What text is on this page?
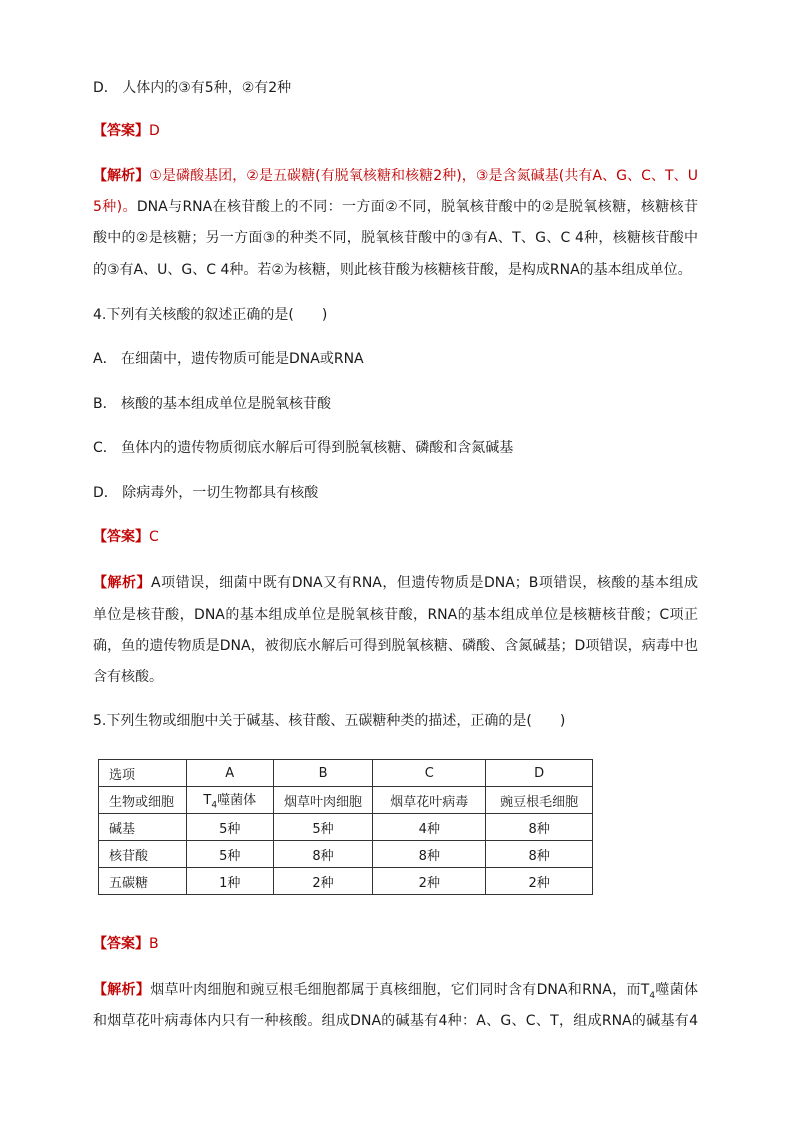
D． 人体内的③有5种，②有2种
【答案】D
【解析】①是磷酸基团，②是五碳糖(有脱氧核糖和核糖2种)，③是含氮碱基(共有A、G、C、T、U
5种)。DNA与RNA在核苷酸上的不同：一方面②不同，脱氧核苷酸中的②是脱氧核糖，核糖核苷
酸中的②是核糖；另一方面③的种类不同，脱氧核苷酸中的③有A、T、G、C 4种，核糖核苷酸中
的③有A、U、G、C 4种。若②为核糖，则此核苷酸为核糖核苷酸，是构成RNA的基本组成单位。
4.下列有关核酸的叙述正确的是(　　)
A． 在细菌中，遗传物质可能是DNA或RNA
B． 核酸的基本组成单位是脱氧核苷酸
C． 鱼体内的遗传物质彻底水解后可得到脱氧核糖、磷酸和含氮碱基
D． 除病毒外，一切生物都具有核酸
【答案】C
【解析】A项错误，细菌中既有DNA又有RNA，但遗传物质是DNA；B项错误，核酸的基本组成
单位是核苷酸，DNA的基本组成单位是脱氧核苷酸，RNA的基本组成单位是核糖核苷酸；C项正
确，鱼的遗传物质是DNA，被彻底水解后可得到脱氧核糖、磷酸、含氮碱基；D项错误，病毒中也
含有核酸。
5.下列生物或细胞中关于碱基、核苷酸、五碳糖种类的描述，正确的是(　　)
选项	A	B	C	D
生物或细胞	$T_4$噬菌体	烟草叶肉细胞	烟草花叶病毒	豌豆根毛细胞
碱基	5种	5种	4种	8种
核苷酸	5种	8种	8种	8种
五碳糖	1种	2种	2种	2种
【答案】B
【解析】烟草叶肉细胞和豌豆根毛细胞都属于真核细胞，它们同时含有DNA和RNA，而$T_4$噬菌体
和烟草花叶病毒体内只有一种核酸。组成DNA的碱基有4种：A、G、C、T，组成RNA的碱基有4
